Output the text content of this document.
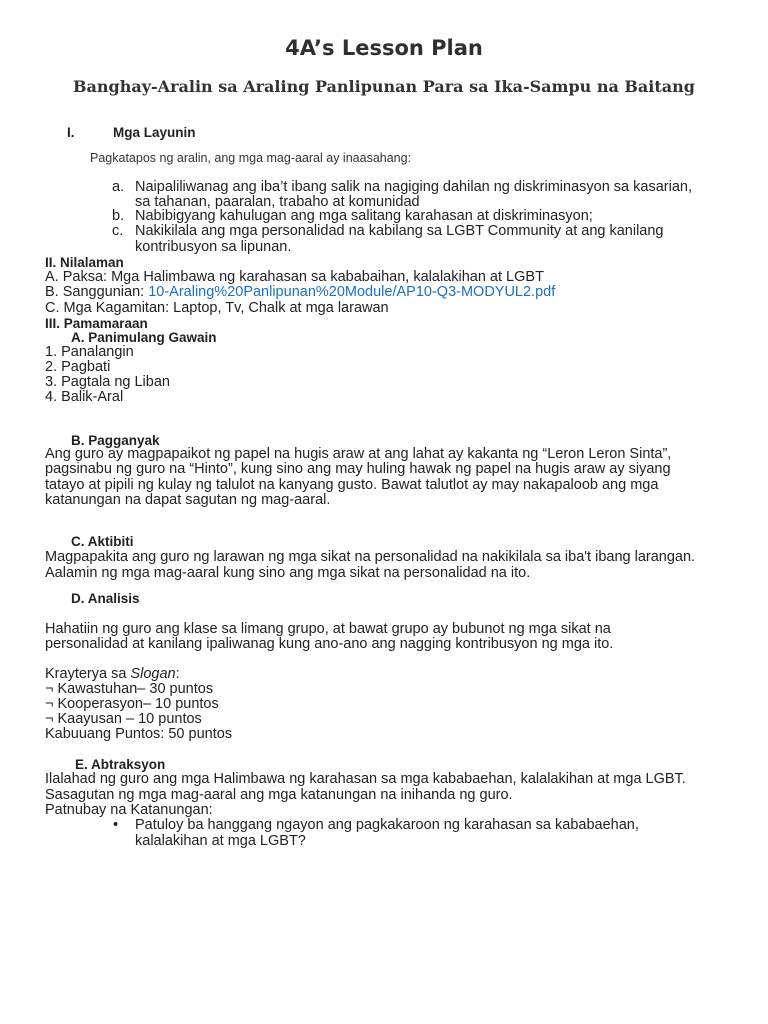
4A’s Lesson Plan
Banghay-Aralin sa Araling Panlipunan Para sa Ika-Sampu na Baitang
I.	Mga Layunin
Pagkatapos ng aralin, ang mga mag-aaral ay inaasahang:
a. Naipaliliwanag ang iba’t ibang salik na nagiging dahilan ng diskriminasyon sa kasarian,
sa tahanan, paaralan, trabaho at komunidad
b. Nabibigyang kahulugan ang mga salitang karahasan at diskriminasyon;
c. Nakikilala ang mga personalidad na kabilang sa LGBT Community at ang kanilang
kontribusyon sa lipunan.
II. Nilalaman
A. Paksa: Mga Halimbawa ng karahasan sa kababaihan, kalalakihan at LGBT
B. Sanggunian: 10-Araling%20Panlipunan%20Module/AP10-Q3-MODYUL2.pdf
C. Mga Kagamitan: Laptop, Tv, Chalk at mga larawan
III. Pamamaraan
A. Panimulang Gawain
1. Panalangin
2. Pagbati
3. Pagtala ng Liban
4. Balik-Aral
B. Pagganyak
Ang guro ay magpapaikot ng papel na hugis araw at ang lahat ay kakanta ng “Leron Leron Sinta”,
pagsinabu ng guro na “Hinto”, kung sino ang may huling hawak ng papel na hugis araw ay siyang
tatayo at pipili ng kulay ng talulot na kanyang gusto. Bawat talutlot ay may nakapaloob ang mga
katanungan na dapat sagutan ng mag-aaral.
C. Aktibiti
Magpapakita ang guro ng larawan ng mga sikat na personalidad na nakikilala sa iba't ibang larangan.
Aalamin ng mga mag-aaral kung sino ang mga sikat na personalidad na ito.
D. Analisis
Hahatiin ng guro ang klase sa limang grupo, at bawat grupo ay bubunot ng mga sikat na
personalidad at kanilang ipaliwanag kung ano-ano ang nagging kontribusyon ng mga ito.
Krayterya sa Slogan:
¬ Kawastuhan– 30 puntos
¬ Kooperasyon– 10 puntos
¬ Kaayusan – 10 puntos
Kabuuang Puntos: 50 puntos
E. Abtraksyon
Ilalahad ng guro ang mga Halimbawa ng karahasan sa mga kababaehan, kalalakihan at mga LGBT.
Sasagutan ng mga mag-aaral ang mga katanungan na inihanda ng guro.
Patnubay na Katanungan:
• Patuloy ba hanggang ngayon ang pagkakaroon ng karahasan sa kababaehan,
kalalakihan at mga LGBT?
